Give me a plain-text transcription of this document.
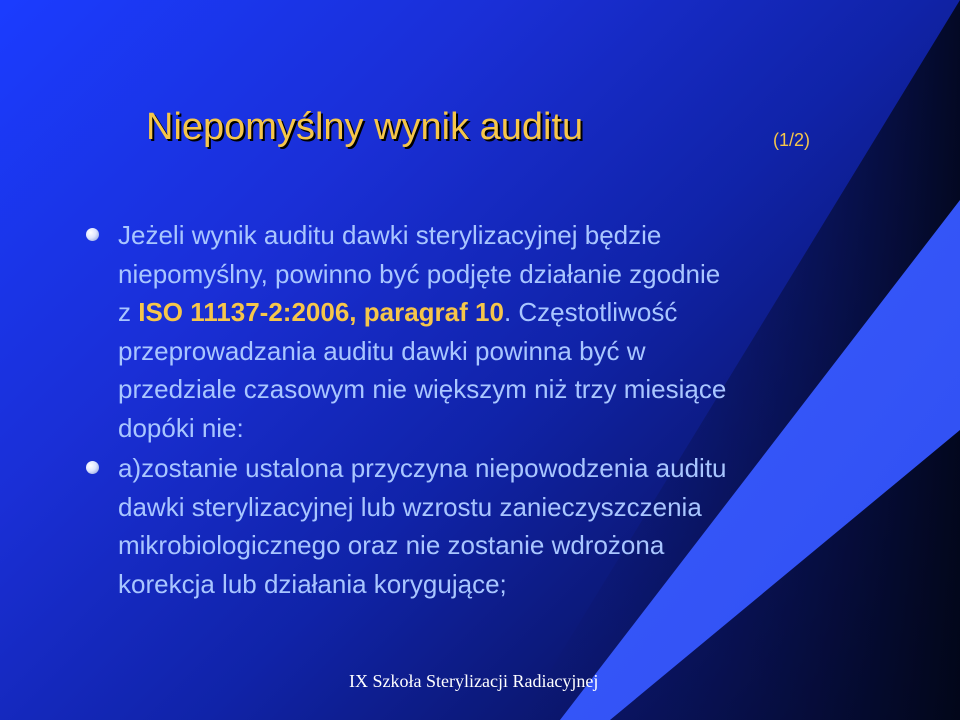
Niepomyślny wynik auditu	(1/2)
Jeżeli wynik auditu dawki sterylizacyjnej będzie
niepomyślny, powinno być podjęte działanie zgodnie
z ISO 11137-2:2006, paragraf 10. Częstotliwość
przeprowadzania auditu dawki powinna być w
przedziale czasowym nie większym niż trzy miesiące
dopóki nie:
a)zostanie ustalona przyczyna niepowodzenia auditu
dawki sterylizacyjnej lub wzrostu zanieczyszczenia
mikrobiologicznego oraz nie zostanie wdrożona
korekcja lub działania korygujące;
IX Szkoła Sterylizacji Radiacyjnej
